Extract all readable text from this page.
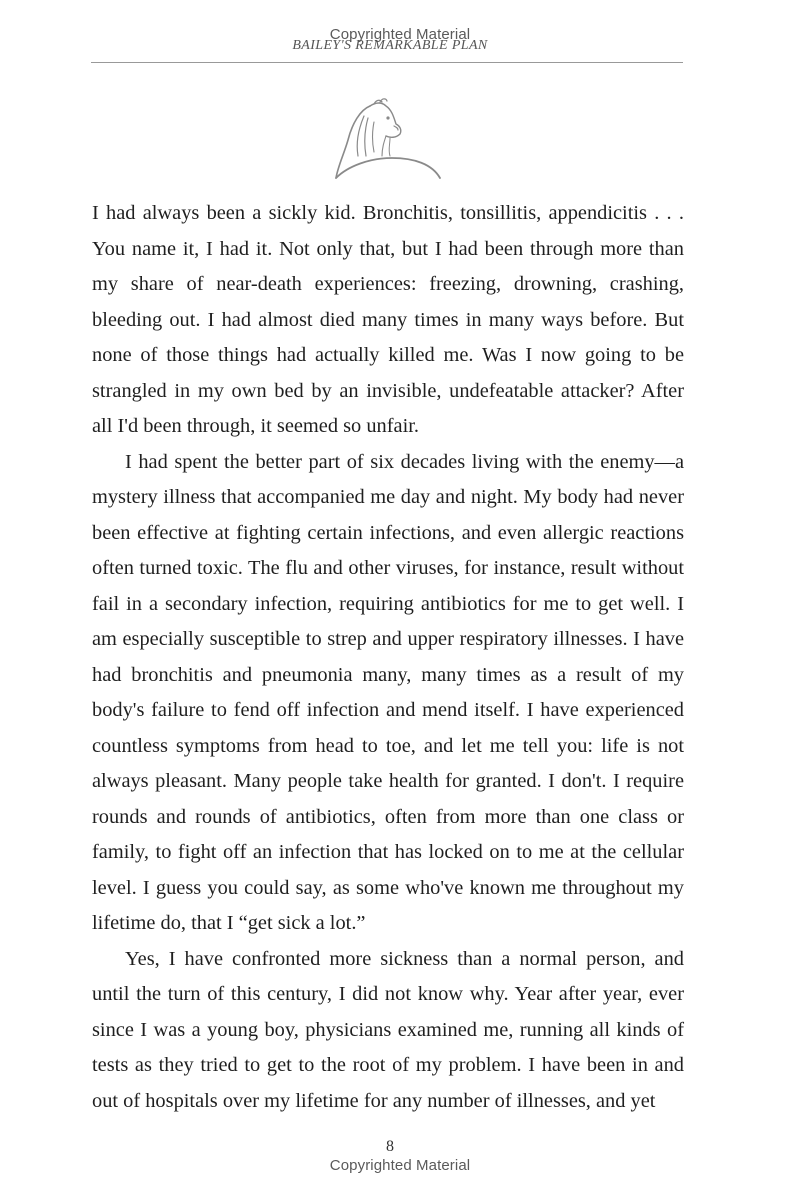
Copyrighted Material
BAILEY'S REMARKABLE PLAN

I had always been a sickly kid. Bronchitis, tonsillitis, appendicitis . . . You name it, I had it. Not only that, but I had been through more than my share of near-death experiences: freezing, drowning, crashing, bleeding out. I had almost died many times in many ways before. But none of those things had actually killed me. Was I now going to be strangled in my own bed by an invisible, undefeatable attacker? After all I'd been through, it seemed so unfair.

I had spent the better part of six decades living with the enemy—a mystery illness that accompanied me day and night. My body had never been effective at fighting certain infections, and even allergic reactions often turned toxic. The flu and other viruses, for instance, result without fail in a secondary infection, requiring antibiotics for me to get well. I am especially susceptible to strep and upper respiratory illnesses. I have had bronchitis and pneumonia many, many times as a result of my body's failure to fend off infection and mend itself. I have experienced countless symptoms from head to toe, and let me tell you: life is not always pleasant. Many people take health for granted. I don't. I require rounds and rounds of antibiotics, often from more than one class or family, to fight off an infection that has locked on to me at the cellular level. I guess you could say, as some who've known me throughout my lifetime do, that I “get sick a lot.”

Yes, I have confronted more sickness than a normal person, and until the turn of this century, I did not know why. Year after year, ever since I was a young boy, physicians examined me, running all kinds of tests as they tried to get to the root of my problem. I have been in and out of hospitals over my lifetime for any number of illnesses, and yet

8
Copyrighted Material
